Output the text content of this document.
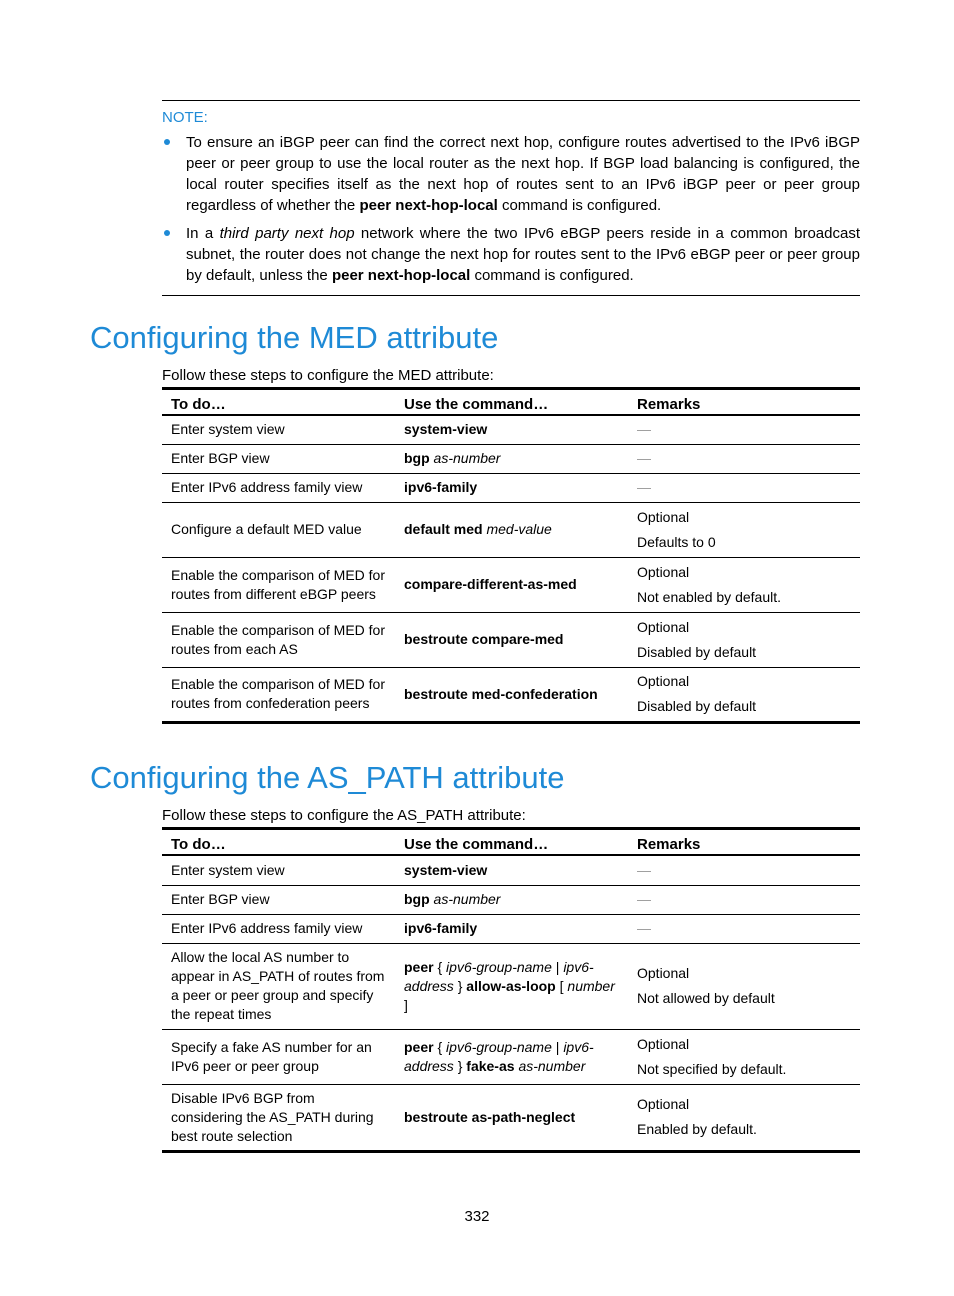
NOTE:
To ensure an iBGP peer can find the correct next hop, configure routes advertised to the IPv6 iBGP peer or peer group to use the local router as the next hop. If BGP load balancing is configured, the local router specifies itself as the next hop of routes sent to an IPv6 iBGP peer or peer group regardless of whether the peer next-hop-local command is configured.
In a third party next hop network where the two IPv6 eBGP peers reside in a common broadcast subnet, the router does not change the next hop for routes sent to the IPv6 eBGP peer or peer group by default, unless the peer next-hop-local command is configured.
Configuring the MED attribute

Follow these steps to configure the MED attribute:

To do…	Use the command…	Remarks
Enter system view	system-view	—

Enter BGP view	bgp as-number	—

Enter IPv6 address family view	ipv6-family	—

Configure a default MED value	default med med-value	Optional
Defaults to 0

Enable the comparison of MED for routes from different eBGP peers	compare-different-as-med	Optional
Not enabled by default.

Enable the comparison of MED for routes from each AS	bestroute compare-med	Optional
Disabled by default

Enable the comparison of MED for routes from confederation peers	bestroute med-confederation	Optional
Disabled by default
Configuring the AS_PATH attribute

Follow these steps to configure the AS_PATH attribute:

To do…	Use the command…	Remarks
Enter system view	system-view	—

Enter BGP view	bgp as-number	—

Enter IPv6 address family view	ipv6-family	—

Allow the local AS number to appear in AS_PATH of routes from a peer or peer group and specify the repeat times	peer { ipv6-group-name | ipv6-address } allow-as-loop [ number ]	Optional
Not allowed by default

Specify a fake AS number for an IPv6 peer or peer group	peer { ipv6-group-name | ipv6-address } fake-as as-number	Optional
Not specified by default.

Disable IPv6 BGP from considering the AS_PATH during best route selection	bestroute as-path-neglect	Optional
Enabled by default.
332
